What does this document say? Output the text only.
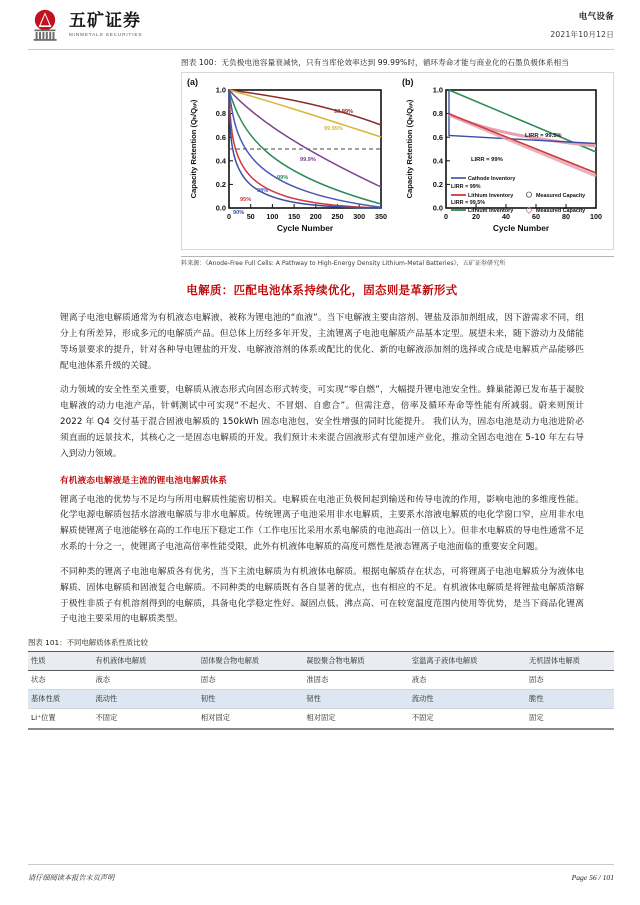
五矿证券
MINMETALS SECURITIES
电气设备
2021年10月12日
图表 100：无负极电池容量衰减快，只有当库伦效率达到 99.99%时，循环寿命才能与商业化的石墨负极体系相当
(a)
0.0
0.2
0.4
0.6
0.8
1.0
0 50 100 150 200 250 300 350
Cycle Number
Capacity Retention (Qₕ/Qₐₙ)	99.99%
99.95%
99.9%
99%
98%
95%
90%
(b)
0.0
0.2
0.4
0.6
0.8
1.0
0	20	40	60	80	100
Cycle Number
Capacity Retention (Qₕ/Qₐₙ)	LIRR = 99.5%
LIRR = 99%
Cathode Inventory
LIRR = 99%
Lithium Inventory	Measured Capacity
LIRR = 99.5%
Lithium Inventory	Measured Capacity
料来源：《Anode-Free Full Cells: A Pathway to High-Energy Density Lithium-Metal Batteries》，五矿证券研究所
电解质：匹配电池体系持续优化，固态则是革新形式

锂离子电池电解质通常为有机液态电解液，被称为锂电池的“血液”。当下电解液主要由溶剂、锂盐及添加剂组成，因下游需求不同，组分上有所差异，形成多元的电解质产品。但总体上历经多年开发，主流锂离子电池电解质产品基本定型。展望未来，随下游动力及储能等场景要求的提升，针对各种导电锂盐的开发、电解液溶剂的体系或配比的优化、新的电解液添加剂的选择或合成是电解质产品能够匹配电池体系升级的关键。

动力领域的安全性至关重要，电解质从液态形式向固态形式转变，可实现“零自燃”，大幅提升锂电池安全性。蜂巢能源已发布基于凝胶电解液的动力电池产品，针刺测试中可实现“不起火、不冒烟、自愈合”。但需注意，倍率及循环寿命等性能有所减弱。蔚来则预计 2022 年 Q4 交付基于混合固液电解质的 150kWh 固态电池包，安全性增强的同时比能提升。 我们认为，固态电池是动力电池进阶必须直面的远景技术，其核心之一是固态电解质的开发。我们预计未来混合固液形式有望加速产业化，推动全固态电池在 5-10 年左右导入到动力领域。

有机液态电解液是主流的锂电池电解质体系

锂离子电池的优势与不足均与所用电解质性能密切相关。电解质在电池正负极间起到输送和传导电流的作用，影响电池的多维度性能。化学电源电解质包括水溶液电解质与非水电解质。传统锂离子电池采用非水电解质，主要系水溶液电解质的电化学窗口窄，应用非水电解质使锂离子电池能够在高的工作电压下稳定工作（工作电压比采用水系电解质的电池高出一倍以上）。但非水电解质的导电性通常不足水系的十分之一，使锂离子电池高倍率性能受限，此外有机液体电解质的高度可燃性是液态锂离子电池面临的重要安全问题。

不同种类的锂离子电池电解质各有优劣，当下主流电解质为有机液体电解质。根据电解质存在状态，可将锂离子电池电解质分为液体电解质、固体电解质和固液复合电解质。不同种类的电解质既有各自显著的优点，也有相应的不足。有机液体电解质是将锂盐电解质溶解于极性非质子有机溶剂得到的电解质，具备电化学稳定性好、凝固点低、沸点高、可在较宽温度范围内使用等优势，是当下商品化锂离子电池主要采用的电解质类型。

图表 101：不同电解质体系性质比较
性质	有机液体电解质	固体聚合物电解质	凝胶聚合物电解质	室温离子液体电解质	无机固体电解质
状态	液态	固态	准固态	液态	固态
基体性质	流动性	韧性	韧性	流动性	脆性
Li⁺位置	不固定	相对固定	相对固定	不固定	固定
请仔细阅读本报告末页声明	Page 56 / 101
